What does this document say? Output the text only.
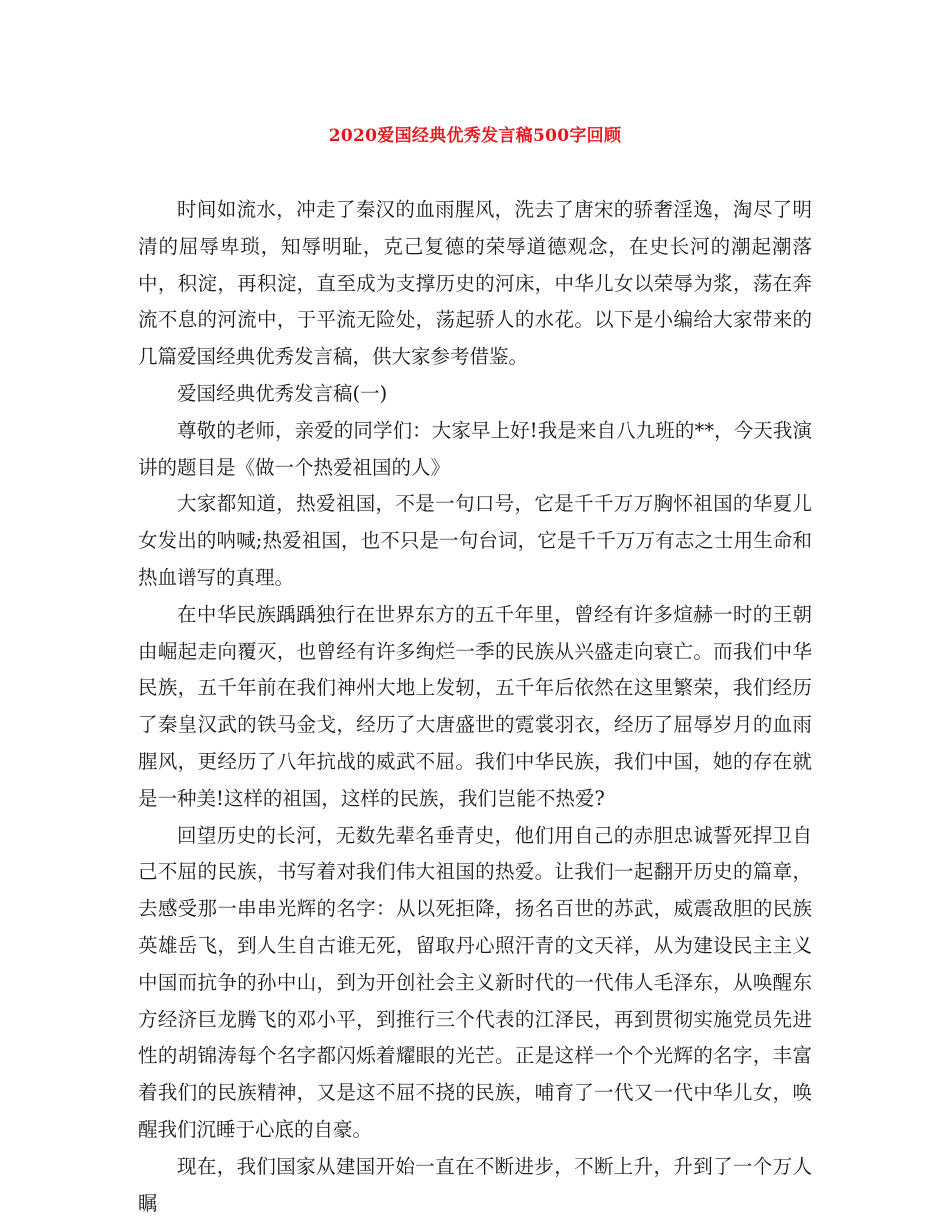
2020爱国经典优秀发言稿500字回顾

时间如流水，冲走了秦汉的血雨腥风，洗去了唐宋的骄奢淫逸，淘尽了明清的屈辱卑琐，知辱明耻，克己复德的荣辱道德观念，在史长河的潮起潮落中，积淀，再积淀，直至成为支撑历史的河床，中华儿女以荣辱为浆，荡在奔流不息的河流中，于平流无险处，荡起骄人的水花。以下是小编给大家带来的几篇爱国经典优秀发言稿，供大家参考借鉴。

爱国经典优秀发言稿(一)

尊敬的老师，亲爱的同学们：大家早上好!我是来自八九班的**，今天我演讲的题目是《做一个热爱祖国的人》

大家都知道，热爱祖国，不是一句口号，它是千千万万胸怀祖国的华夏儿女发出的呐喊;热爱祖国，也不只是一句台词，它是千千万万有志之士用生命和热血谱写的真理。

在中华民族踽踽独行在世界东方的五千年里，曾经有许多煊赫一时的王朝由崛起走向覆灭，也曾经有许多绚烂一季的民族从兴盛走向衰亡。而我们中华民族，五千年前在我们神州大地上发轫，五千年后依然在这里繁荣，我们经历了秦皇汉武的铁马金戈，经历了大唐盛世的霓裳羽衣，经历了屈辱岁月的血雨腥风，更经历了八年抗战的威武不屈。我们中华民族，我们中国，她的存在就是一种美!这样的祖国，这样的民族，我们岂能不热爱?

回望历史的长河，无数先辈名垂青史，他们用自己的赤胆忠诚誓死捍卫自己不屈的民族，书写着对我们伟大祖国的热爱。让我们一起翻开历史的篇章，去感受那一串串光辉的名字：从以死拒降，扬名百世的苏武，威震敌胆的民族英雄岳飞，到人生自古谁无死，留取丹心照汗青的文天祥，从为建设民主主义中国而抗争的孙中山，到为开创社会主义新时代的一代伟人毛泽东，从唤醒东方经济巨龙腾飞的邓小平，到推行三个代表的江泽民，再到贯彻实施党员先进性的胡锦涛每个名字都闪烁着耀眼的光芒。正是这样一个个光辉的名字，丰富着我们的民族精神，又是这不屈不挠的民族，哺育了一代又一代中华儿女，唤醒我们沉睡于心底的自豪。

现在，我们国家从建国开始一直在不断进步，不断上升，升到了一个万人瞩
